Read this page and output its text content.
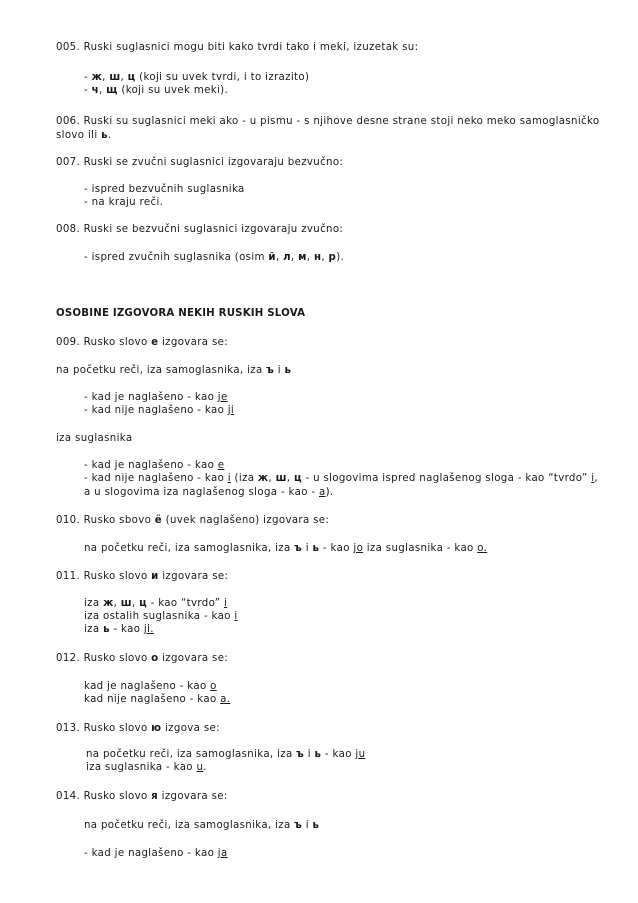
005. Ruski suglasnici mogu biti kako tvrdi tako i meki, izuzetak su:
- ж, ш, ц (koji su uvek tvrdi, i to izrazito)
- ч, щ (koji su uvek meki).
006. Ruski su suglasnici meki ako - u pismu - s njihove desne strane stoji neko meko samoglasničko
slovo ili ь.
007. Ruski se zvučni suglasnici izgovaraju bezvučno:
- ispred bezvučnih suglasnika
- na kraju reči.
008. Ruski se bezvučni suglasnici izgovaraju zvučno:
- ispred zvučnih suglasnika (osim й, л, м, н, р).
OSOBINE IZGOVORA NEKIH RUSKIH SLOVA
009. Rusko slovo е izgovara se:
na početku reči, iza samoglasnika, iza ъ i ь
- kad je naglašeno - kao je
- kad nije naglašeno - kao ji
iza suglasnika
- kad je naglašeno - kao e
- kad nije naglašeno - kao i (iza ж, ш, ц - u slogovima ispred naglašenog sloga - kao “tvrdo” i,
a u slogovima iza naglašenog sloga - kao - a).
010. Rusko sbovo ё (uvek naglašeno) izgovara se:
na početku reči, iza samoglasnika, iza ъ i ь - kao jo iza suglasnika - kao o.
011. Rusko slovo и izgovara se:
iza ж, ш, ц - kao “tvrdo” i
iza ostalih suglasnika - kao i
iza ь - kao ji.
012. Rusko slovo о izgovara se:
kad je naglašeno - kao o
kad nije naglašeno - kao a.
013. Rusko slovo ю izgova se:
na početku reči, iza samoglasnika, iza ъ i ь - kao ju
iza suglasnika - kao u.
014. Rusko slovo я izgovara se:
na početku reči, iza samoglasnika, iza ъ i ь
- kad je naglašeno - kao ja
